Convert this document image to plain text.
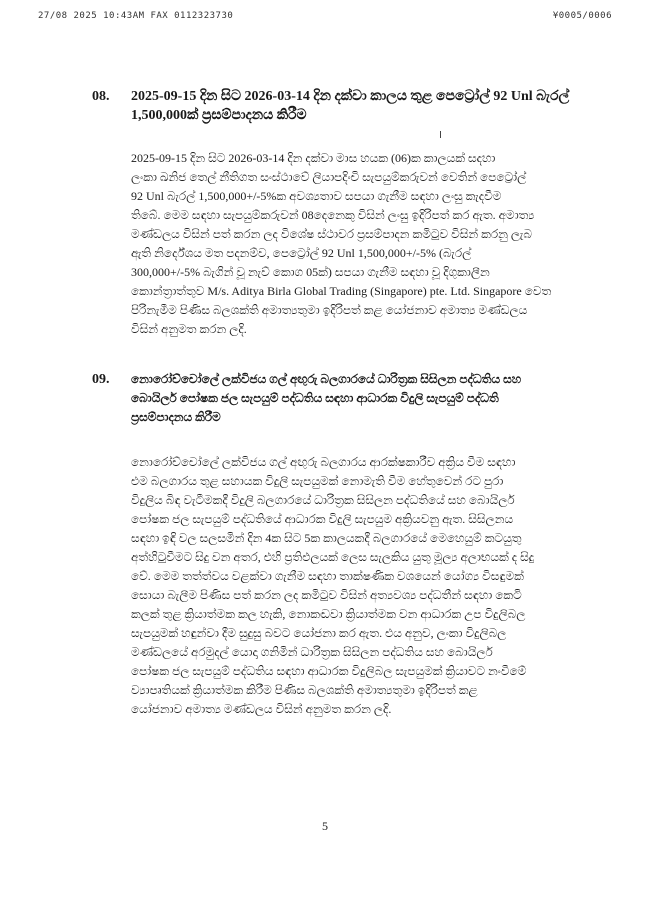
27/08 2025 10:43AM FAX 0112323730	¥0005/0006
08. 2025-09-15 දින සිට 2026-03-14 දින දක්වා කාලය තුළ පෙට්‍රෝල් 92 Unl බැරල්
1,500,000ක් ප්‍රසම්පාදනය කිරීම
2025-09-15 දින සිට 2026-03-14 දින දක්වා මාස හයක (06)ක කාලයක් සදහා
ලංකා ඛනිජ තෙල් නීතිගත සංස්ථාවේ ලියාපදිංචි සැපයුම්කරුවන් වෙතින් පෙට්‍රෝල්
92 Unl බැරල් 1,500,000+/-5%ක අවශ්‍යතාව සපයා ගැනීම සඳහා ලංසු කැදවීම
තිබේ. මෙම සඳහා සැපයුම්කරුවන් 08දෙනෙකු විසින් ලංසු ඉදිරිපත් කර ඇත. අමාත්‍ය
මණ්ඩලය විසින් පත් කරන ලද විශේෂ ස්ථාවර ප්‍රසම්පාදන කමිටුව විසින් කරනු ලැබ
ඇති නිර්දේශය මත පදනම්ව, පෙට්‍රෝල් 92 Unl 1,500,000+/-5% (බැරල්
300,000+/-5% බැගින් වූ නැව් කොග 05ක්) සපයා ගැනීම සඳහා වූ දිගුකාලීන
කොන්ත්‍රාත්තුව M/s. Aditya Birla Global Trading (Singapore) pte. Ltd. Singapore වෙත
පිරිනැමීම පිණිස බලශක්ති අමාත්‍යතුමා ඉදිරිපත් කළ යෝජනාව අමාත්‍ය මණ්ඩලය
විසින් අනුමත කරන ලදි.
09. නොරෝච්චෝලේ ලක්විජය ගල් අඟුරු බලගාරයේ ධාරිත්‍රක සිසිලන පද්ධතිය සහ
බොයිලර් පෝෂක ජල සැපයුම් පද්ධතිය සඳහා ආධාරක විදුලි සැපයුම් පද්ධති
ප්‍රසම්පාදනය කිරීම
නොරෝච්චෝලේ ලක්විජය ගල් අඟුරු බලගාරය ආරක්ෂකාරීව අක්‍රිය වීම සඳහා
එම බලගාරය තුළ සහායක විදුලි සැපයුමක් නොමැති වීම හේතුවෙන් රට පුරා
විදුලිය බිඳ වැටීමකදී විදුලි බලගාරයේ ධාරිත්‍රක සිසිලන පද්ධතියේ සහ බොයිලර්
පෝෂක ජල සැපයුම් පද්ධතියේ ආධාරක විදුලි සැපයුම අක්‍රියවනු ඇත. සිසිලනය
සඳහා ඉඳි වල සලසමින් දින 4ක සිට 5ක කාලයකදී බලගාරයේ මෙහෙයුම් කටයුතු
අත්හිටුවීමට සිදු වන අතර, එහි ප්‍රතිඵලයක් ලෙස සැලකිය යුතු මූල්‍ය අලාභයක් ද සිදු
වේ. මෙම තත්ත්වය වළක්වා ගැනීම සඳහා තාක්ෂණික වශයෙන් යෝග්‍ය විසඳුමක්
සොයා බැලීම පිණිස පත් කරන ලද කමිටුව විසින් අත්‍යවශ්‍ය පද්ධතීන් සඳහා කෙටි
කලක් තුළ ක්‍රියාත්මක කල හැකි, නොකඬවා ක්‍රියාත්මක වන ආධාරක උප විදුලිබල
සැපයුමක් හඳුන්වා දීම සුදුසු බවට යෝජනා කර ඇත. එය අනුව, ලංකා විදුලිබල
මණ්ඩලයේ අරමුදල් යොදා ගනිමින් ධාරිත්‍රක සිසිලන පද්ධතිය සහ බොයිලර්
පෝෂක ජල සැපයුම් පද්ධතිය සඳහා ආධාරක විදුලිබල සැපයුමක් ක්‍රියාවට නංවීමේ
ව්‍යාපෘතියක් ක්‍රියාත්මක කිරීම පිණිස බලශක්ති අමාත්‍යතුමා ඉදිරිපත් කළ
යෝජනාව අමාත්‍ය මණ්ඩලය විසින් අනුමත කරන ලදි.
5
